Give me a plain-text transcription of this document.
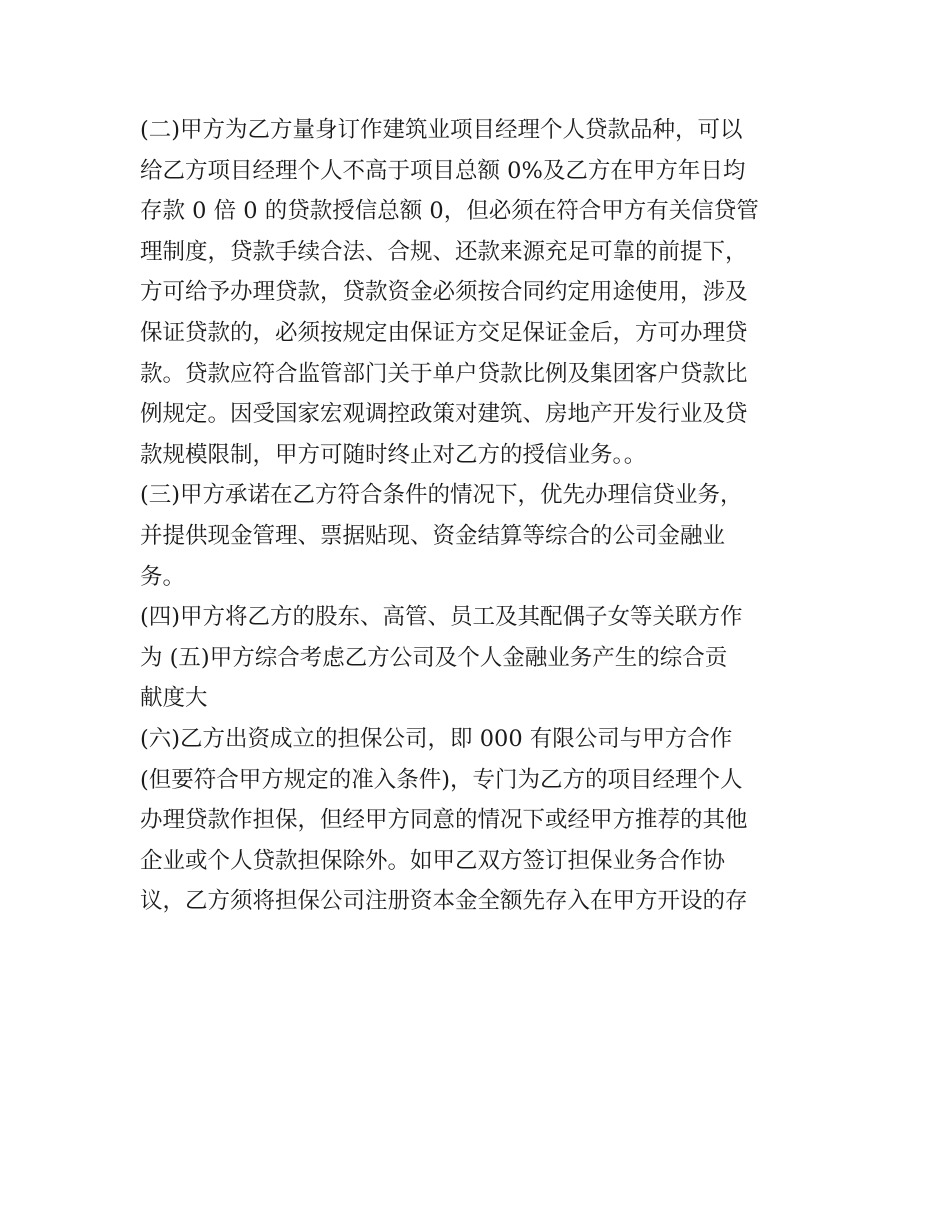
(二)甲方为乙方量身订作建筑业项目经理个人贷款品种，可以
给乙方项目经理个人不高于项目总额 0%及乙方在甲方年日均
存款 0 倍 0 的贷款授信总额 0，但必须在符合甲方有关信贷管
理制度，贷款手续合法、合规、还款来源充足可靠的前提下，
方可给予办理贷款，贷款资金必须按合同约定用途使用，涉及
保证贷款的，必须按规定由保证方交足保证金后，方可办理贷
款。贷款应符合监管部门关于单户贷款比例及集团客户贷款比
例规定。因受国家宏观调控政策对建筑、房地产开发行业及贷
款规模限制，甲方可随时终止对乙方的授信业务。。
(三)甲方承诺在乙方符合条件的情况下，优先办理信贷业务，
并提供现金管理、票据贴现、资金结算等综合的公司金融业
务。
(四)甲方将乙方的股东、高管、员工及其配偶子女等关联方作
为 (五)甲方综合考虑乙方公司及个人金融业务产生的综合贡
献度大
(六)乙方出资成立的担保公司，即 000 有限公司与甲方合作
(但要符合甲方规定的准入条件)，专门为乙方的项目经理个人
办理贷款作担保，但经甲方同意的情况下或经甲方推荐的其他
企业或个人贷款担保除外。如甲乙双方签订担保业务合作协
议，乙方须将担保公司注册资本金全额先存入在甲方开设的存
